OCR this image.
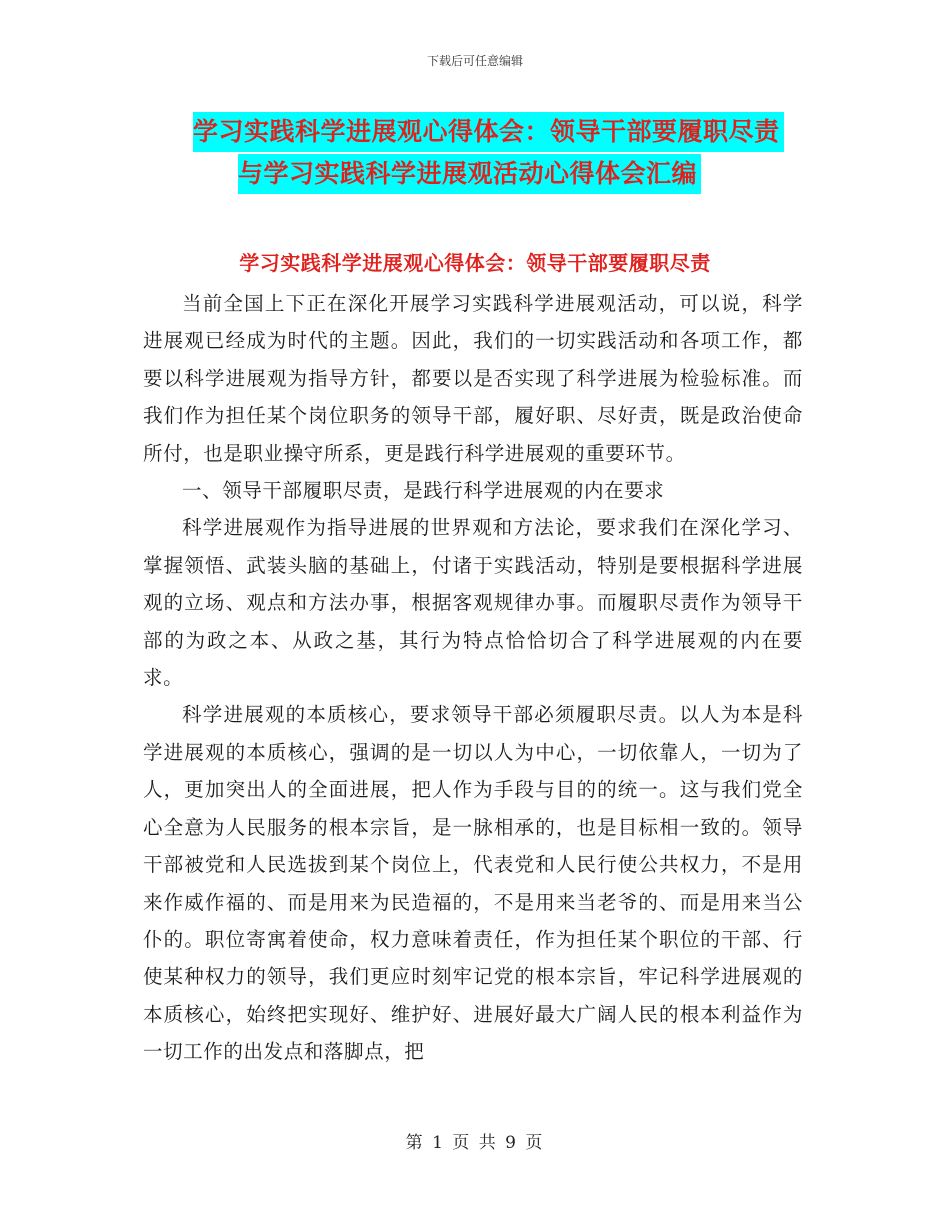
下载后可任意编辑
学习实践科学进展观心得体会：领导干部要履职尽责
与学习实践科学进展观活动心得体会汇编
学习实践科学进展观心得体会：领导干部要履职尽责

当前全国上下正在深化开展学习实践科学进展观活动，可以说，科学进展观已经成为时代的主题。因此，我们的一切实践活动和各项工作，都要以科学进展观为指导方针，都要以是否实现了科学进展为检验标准。而我们作为担任某个岗位职务的领导干部，履好职、尽好责，既是政治使命所付，也是职业操守所系，更是践行科学进展观的重要环节。

一、领导干部履职尽责，是践行科学进展观的内在要求

科学进展观作为指导进展的世界观和方法论，要求我们在深化学习、掌握领悟、武装头脑的基础上，付诸于实践活动，特别是要根据科学进展观的立场、观点和方法办事，根据客观规律办事。而履职尽责作为领导干部的为政之本、从政之基，其行为特点恰恰切合了科学进展观的内在要求。

科学进展观的本质核心，要求领导干部必须履职尽责。以人为本是科学进展观的本质核心，强调的是一切以人为中心，一切依靠人，一切为了人，更加突出人的全面进展，把人作为手段与目的的统一。这与我们党全心全意为人民服务的根本宗旨，是一脉相承的，也是目标相一致的。领导干部被党和人民选拔到某个岗位上，代表党和人民行使公共权力，不是用来作威作福的、而是用来为民造福的，不是用来当老爷的、而是用来当公仆的。职位寄寓着使命，权力意味着责任，作为担任某个职位的干部、行使某种权力的领导，我们更应时刻牢记党的根本宗旨，牢记科学进展观的本质核心，始终把实现好、维护好、进展好最大广阔人民的根本利益作为一切工作的出发点和落脚点，把

第 1 页 共 9 页
